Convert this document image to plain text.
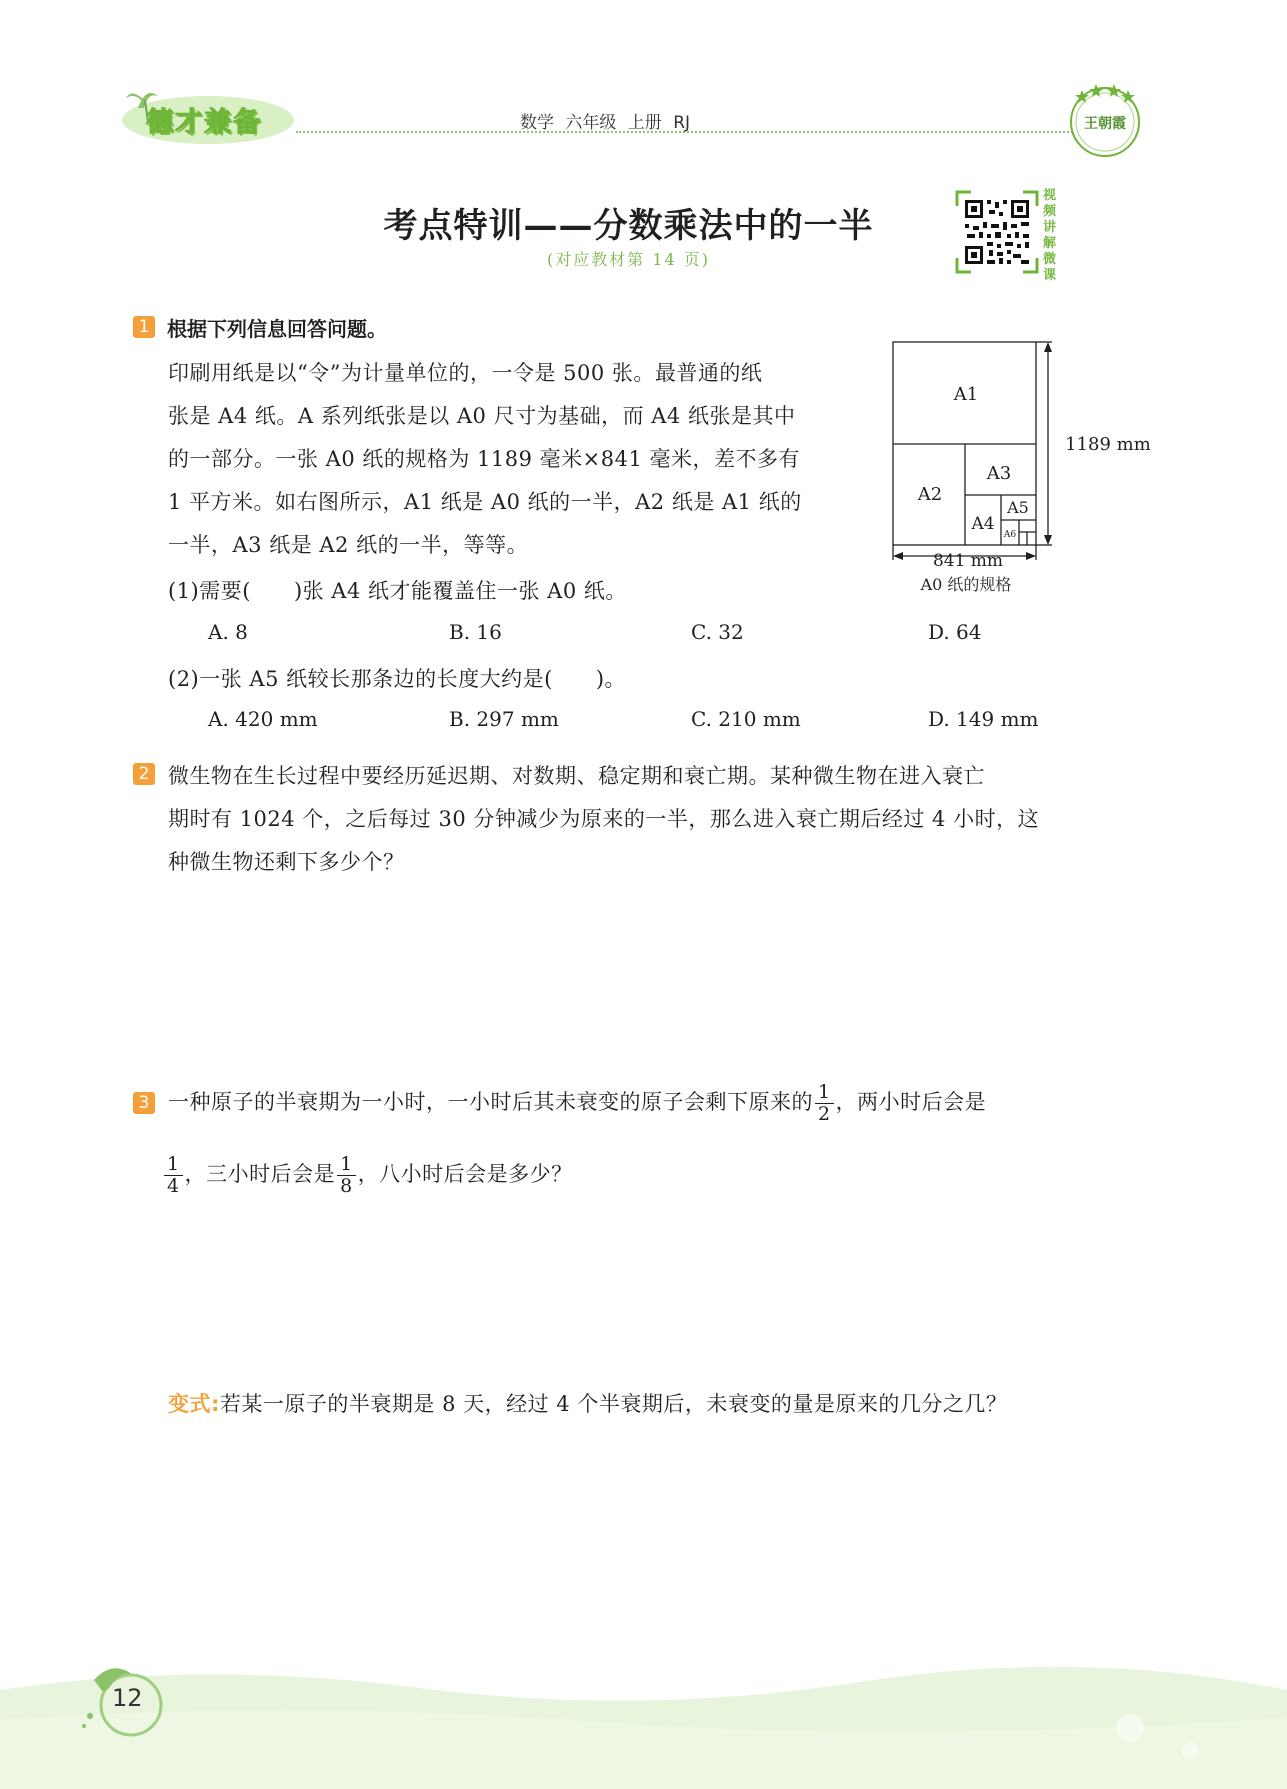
德才兼备	数学 六年级 上册 RJ	王朝霞
考点特训——分数乘法中的一半
(对应教材第 14 页)
视频讲解微课
1 根据下列信息回答问题。
印刷用纸是以“令”为计量单位的，一令是 500 张。最普通的纸
张是 A4 纸。A 系列纸张是以 A0 尺寸为基础，而 A4 纸张是其中
的一部分。一张 A0 纸的规格为 1189 毫米×841 毫米，差不多有
1 平方米。如右图所示，A1 纸是 A0 纸的一半，A2 纸是 A1 纸的
一半，A3 纸是 A2 纸的一半，等等。
(1)需要(　　)张 A4 纸才能覆盖住一张 A0 纸。
A. 8	B. 16	C. 32	D. 64
(2)一张 A5 纸较长那条边的长度大约是(　　)。
A. 420 mm	B. 297 mm	C. 210 mm	D. 149 mm
A1
A2
A3
A4
A5
A6
1189 mm
841 mm
A0 纸的规格
2 微生物在生长过程中要经历延迟期、对数期、稳定期和衰亡期。某种微生物在进入衰亡
期时有 1024 个，之后每过 30 分钟减少为原来的一半，那么进入衰亡期后经过 4 小时，这
种微生物还剩下多少个？
3 一种原子的半衰期为一小时，一小时后其未衰变的原子会剩下原来的 $\frac{1}{2}$ ，两小时后会是
$\frac{1}{4}$ ，三小时后会是 $\frac{1}{8}$ ，八小时后会是多少？
变式:若某一原子的半衰期是 8 天，经过 4 个半衰期后，未衰变的量是原来的几分之几？
12
